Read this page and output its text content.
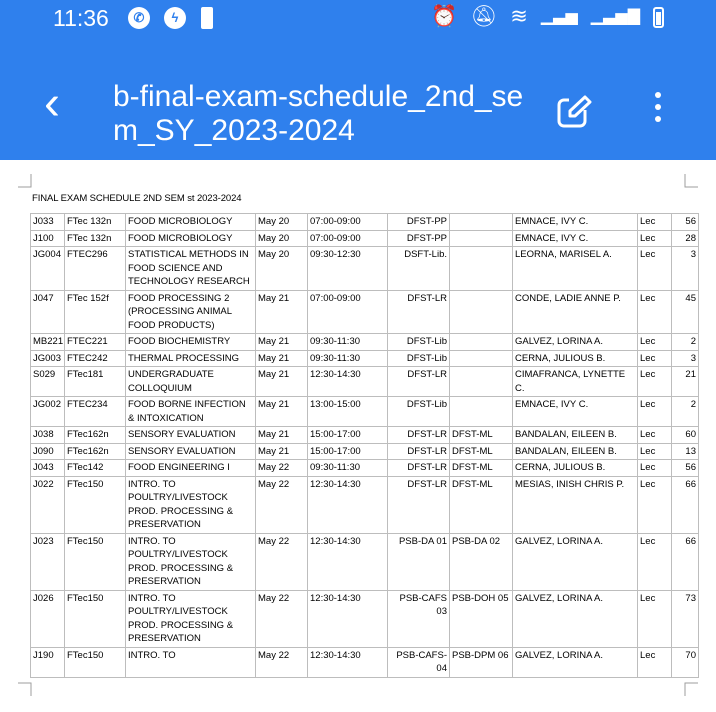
11:36	✆	ϟ	⏰ 🔕︎ ≋ ▁▃▅ ▁▃▅▇
‹ b-final-exam-schedule_2nd_sem_SY_2023-2024
FINAL EXAM SCHEDULE 2ND SEM st 2023-2024
J033	FTec 132n	FOOD MICROBIOLOGY	May 20	07:00-09:00	DFST-PP		EMNACE, IVY C.	Lec	56
J100	FTec 132n	FOOD MICROBIOLOGY	May 20	07:00-09:00	DFST-PP		EMNACE, IVY C.	Lec	28
JG004	FTEC296	STATISTICAL METHODS IN FOOD SCIENCE AND TECHNOLOGY RESEARCH	May 20	09:30-12:30	DSFT-Lib.		LEORNA, MARISEL A.	Lec	3
J047	FTec 152f	FOOD PROCESSING 2 (PROCESSING ANIMAL FOOD PRODUCTS)	May 21	07:00-09:00	DFST-LR		CONDE, LADIE ANNE P.	Lec	45
MB221	FTEC221	FOOD BIOCHEMISTRY	May 21	09:30-11:30	DFST-Lib		GALVEZ, LORINA A.	Lec	2
JG003	FTEC242	THERMAL PROCESSING	May 21	09:30-11:30	DFST-Lib		CERNA, JULIOUS B.	Lec	3
S029	FTec181	UNDERGRADUATE COLLOQUIUM	May 21	12:30-14:30	DFST-LR		CIMAFRANCA, LYNETTE C.	Lec	21
JG002	FTEC234	FOOD BORNE INFECTION & INTOXICATION	May 21	13:00-15:00	DFST-Lib		EMNACE, IVY C.	Lec	2
J038	FTec162n	SENSORY EVALUATION	May 21	15:00-17:00	DFST-LR	DFST-ML	BANDALAN, EILEEN B.	Lec	60
J090	FTec162n	SENSORY EVALUATION	May 21	15:00-17:00	DFST-LR	DFST-ML	BANDALAN, EILEEN B.	Lec	13
J043	FTec142	FOOD ENGINEERING I	May 22	09:30-11:30	DFST-LR	DFST-ML	CERNA, JULIOUS B.	Lec	56
J022	FTec150	INTRO. TO POULTRY/LIVESTOCK PROD. PROCESSING & PRESERVATION	May 22	12:30-14:30	DFST-LR	DFST-ML	MESIAS, INISH CHRIS P.	Lec	66
J023	FTec150	INTRO. TO POULTRY/LIVESTOCK PROD. PROCESSING & PRESERVATION	May 22	12:30-14:30	PSB-DA 01	PSB-DA 02	GALVEZ, LORINA A.	Lec	66
J026	FTec150	INTRO. TO POULTRY/LIVESTOCK PROD. PROCESSING & PRESERVATION	May 22	12:30-14:30	PSB-CAFS 03	PSB-DOH 05	GALVEZ, LORINA A.	Lec	73
J190	FTec150	INTRO. TO	May 22	12:30-14:30	PSB-CAFS-04	PSB-DPM 06	GALVEZ, LORINA A.	Lec	70
